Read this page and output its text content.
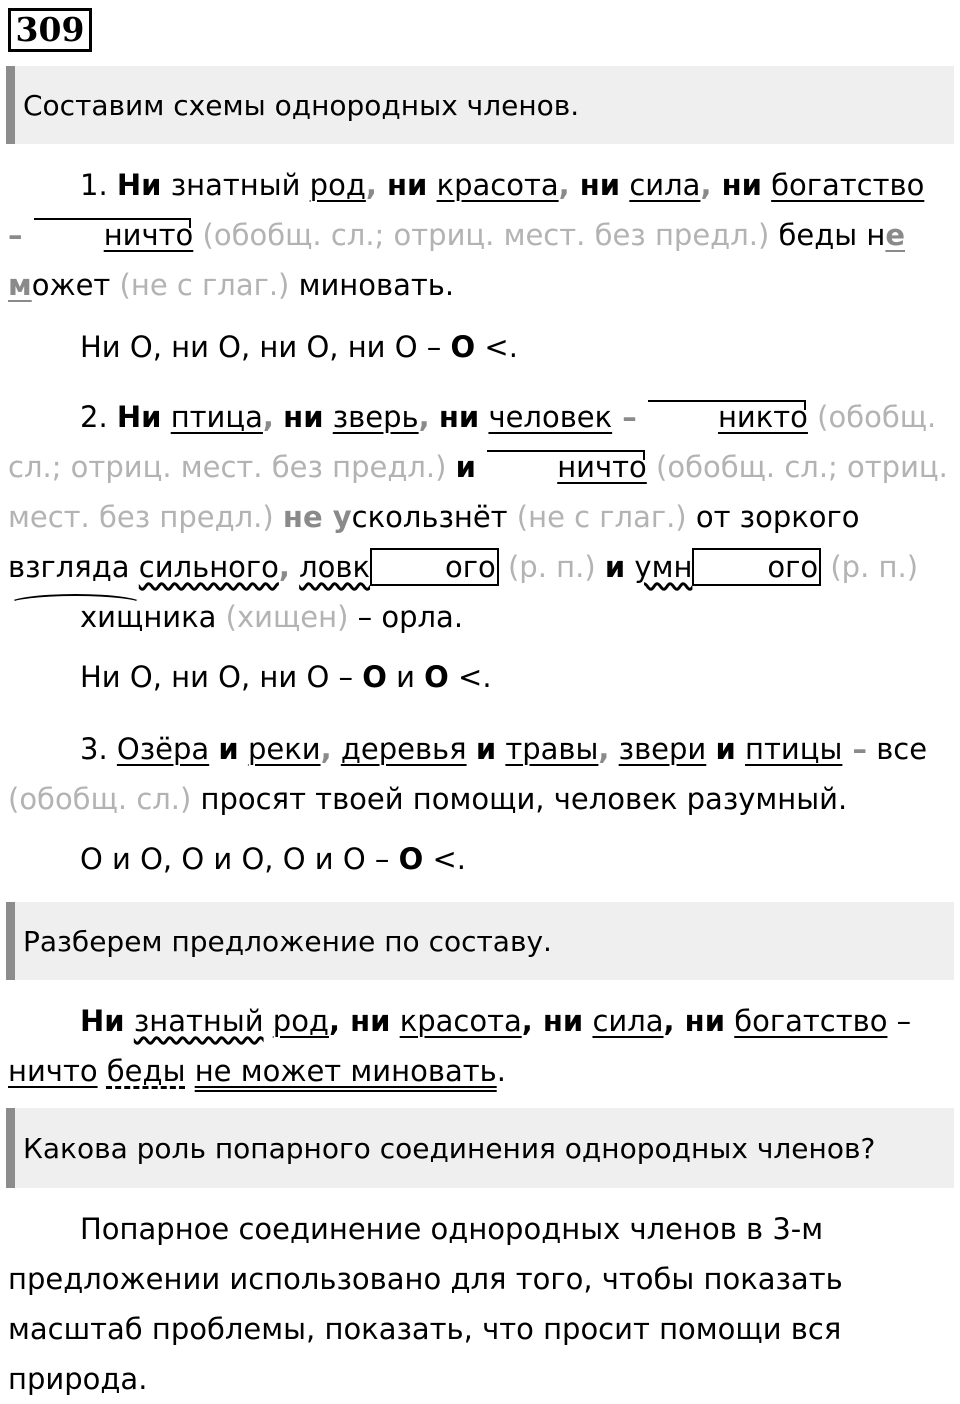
309
Составим схемы однородных членов.
1. Ни знатный род, ни красота, ни сила, ни богатство –	ничто (обобщ. сл.; отриц. мест. без предл.) беды не может (не с глаг.) миновать.
Ни О, ни О, ни О, ни О – О <.
2. Ни птица, ни зверь, ни человек –	никто (обобщ. сл.; отриц. мест. без предл.) и	ничто (обобщ. сл.; отриц. мест. без предл.) не ускользнёт (не с глаг.) от зоркого взгляда сильного, ловк	ого (р. п.) и умн	ого (р. п.) хищника (хищен) – орла.
Ни О, ни О, ни О – О и О <.
3. Озёра и реки, деревья и травы, звери и птицы – все (обобщ. сл.) просят твоей помощи, человек разумный.
О и О, О и О, О и О – О <.
Разберем предложение по составу.
Ни знатный род, ни красота, ни сила, ни богатство – ничто беды не может миновать.
Какова роль попарного соединения однородных членов?
Попарное соединение однородных членов в 3-м предложении использовано для того, чтобы показать масштаб проблемы, показать, что просит помощи вся природа.
